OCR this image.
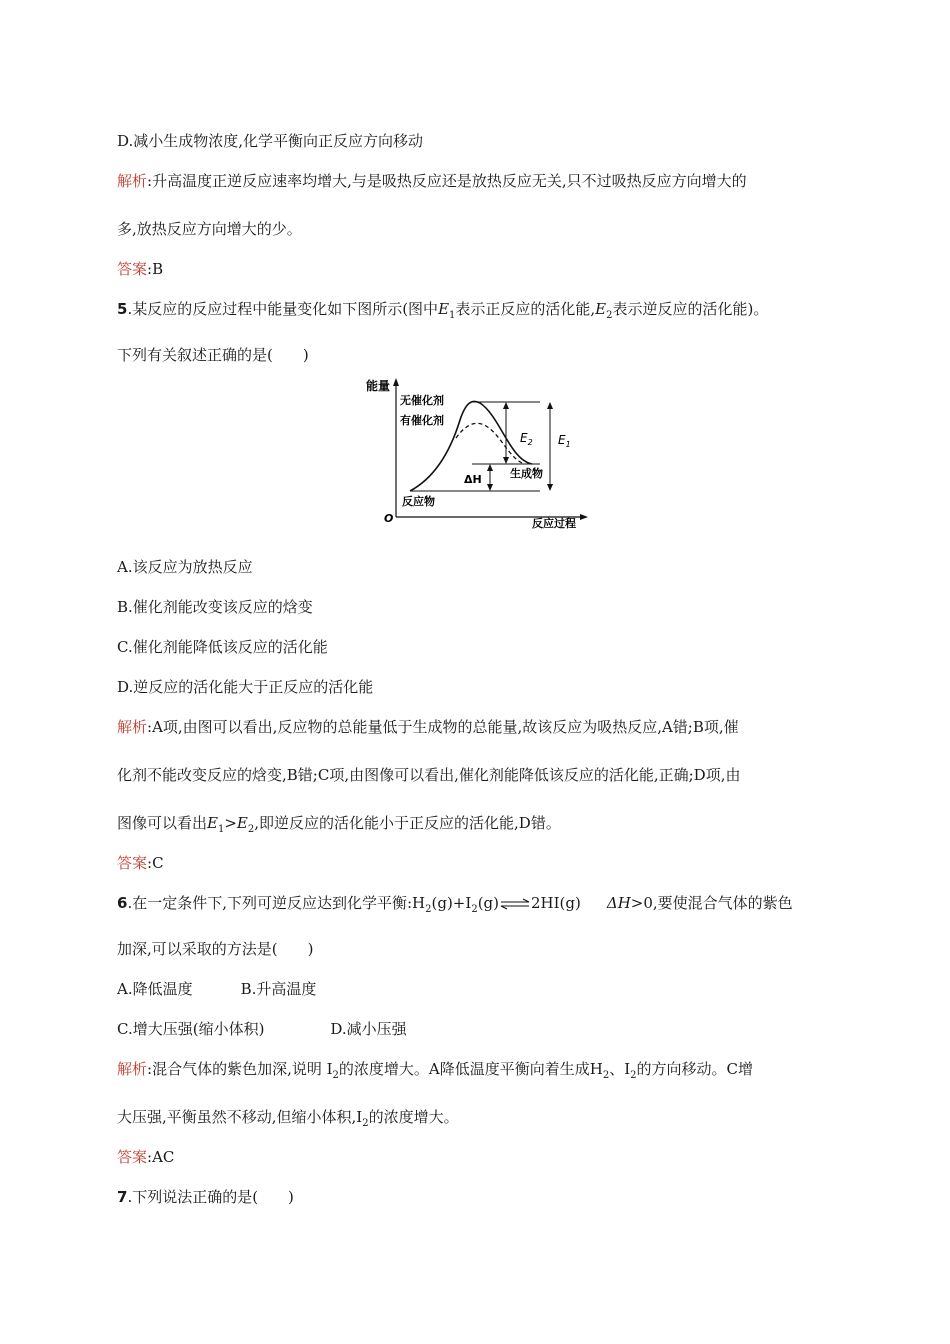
D.减小生成物浓度,化学平衡向正反应方向移动
解析:升高温度正逆反应速率均增大,与是吸热反应还是放热反应无关,只不过吸热反应方向增大的
多,放热反应方向增大的少。
答案:B
5.某反应的反应过程中能量变化如下图所示(图中$E_1$表示正反应的活化能$,E_2$表示逆反应的活化能)。
下列有关叙述正确的是(　　)
能量
O	反应过程
无催化剂
有催化剂
$E_2$ $E_1$
ΔH	生成物
反应物
A.该反应为放热反应
B.催化剂能改变该反应的焓变
C.催化剂能降低该反应的活化能
D.逆反应的活化能大于正反应的活化能
解析:A项,由图可以看出,反应物的总能量低于生成物的总能量,故该反应为吸热反应,A错;B项,催
化剂不能改变反应的焓变,B错;C项,由图像可以看出,催化剂能降低该反应的活化能,正确;D项,由
图像可以看出$E_1>E_2$,即逆反应的活化能小于正反应的活化能,D错。
答案:C
6.在一定条件下,下列可逆反应达到化学平衡$:H_2(g)+I_2(g)\rightleftharpoons 2HI(g)$ ΔH>0,要使混合气体的紫色
加深,可以采取的方法是(　　)
A.降低温度	B.升高温度
C.增大压强(缩小体积)	D.减小压强
解析:混合气体的紫色加深,说明 $I_2$的浓度增大。A降低温度平衡向着生成$H_2$、$I_2$的方向移动。C增
大压强,平衡虽然不移动,但缩小体积$,I_2$的浓度增大。
答案:AC
7.下列说法正确的是(　　)
